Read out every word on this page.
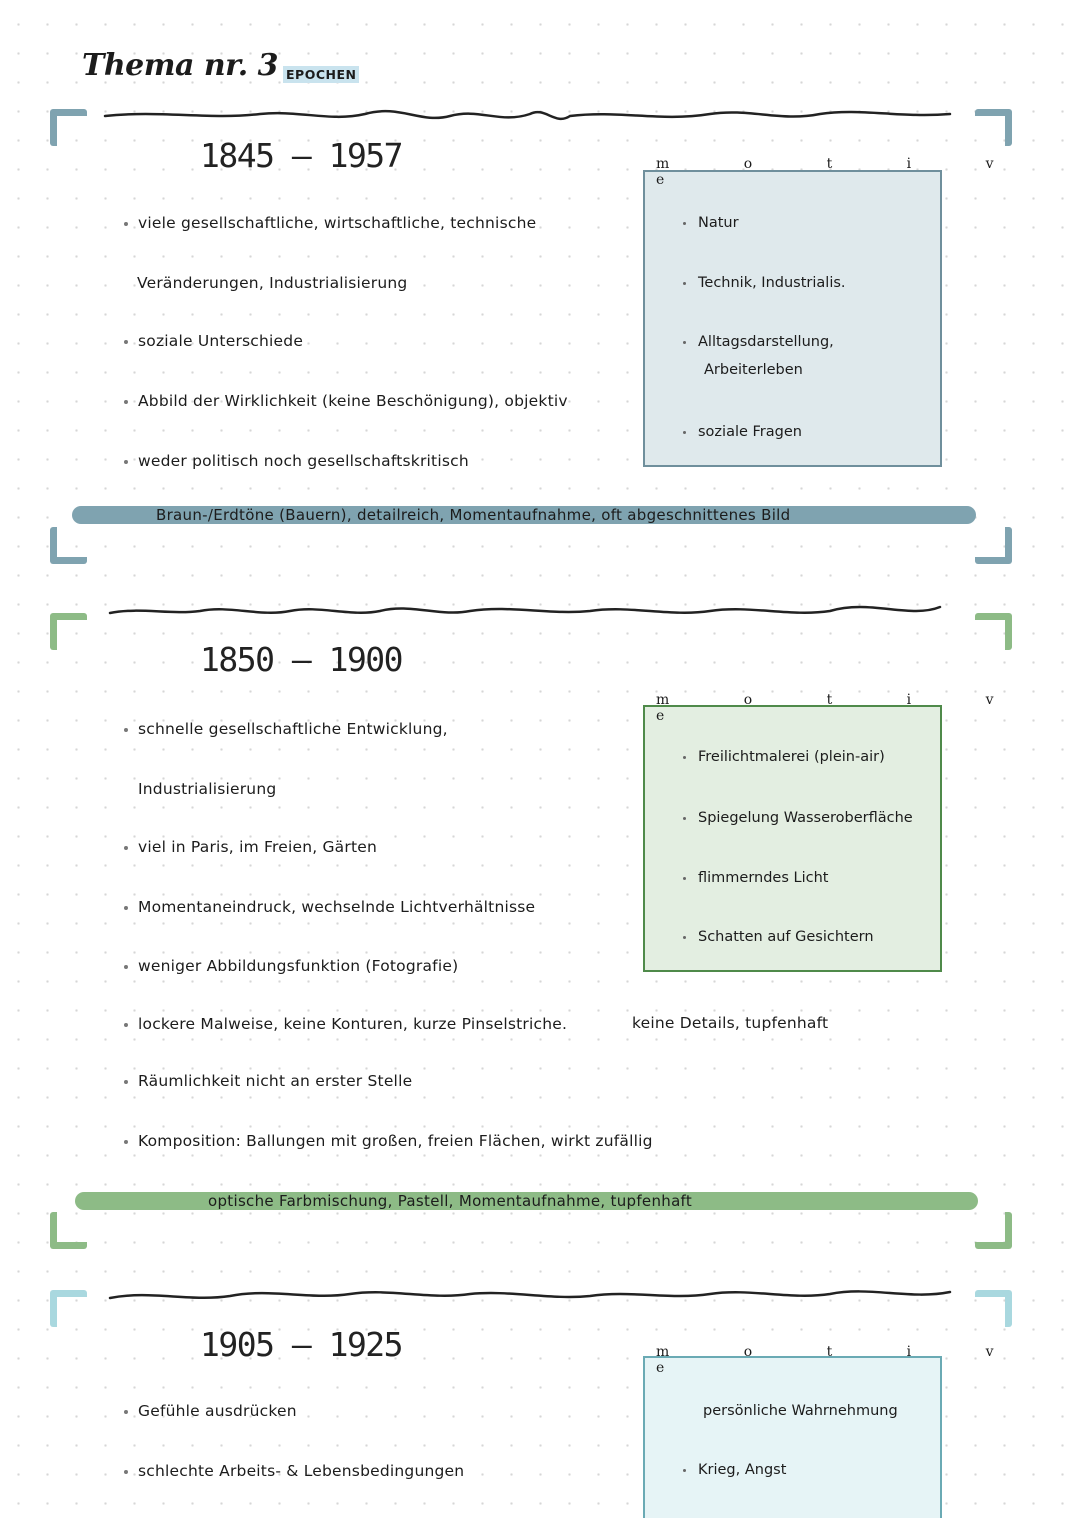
Thema nr. 3 EPOCHEN
realismus
1845 – 1957
viele gesellschaftliche, wirtschaftliche, technische
Veränderungen, Industrialisierung
soziale Unterschiede
Abbild der Wirklichkeit (keine Beschönigung), objektiv
weder politisch noch gesellschaftskritisch
Natur
Technik, Industrialis.
Alltagsdarstellung,
Arbeiterleben
soziale Fragen
m o t i v e
Braun-/Erdtöne (Bauern), detailreich, Momentaufnahme, oft abgeschnittenes Bild
impressionismus
1850 – 1900
schnelle gesellschaftliche Entwicklung,
Industrialisierung
viel in Paris, im Freien, Gärten
Momentaneindruck, wechselnde Lichtverhältnisse
weniger Abbildungsfunktion (Fotografie)
lockere Malweise, keine Konturen, kurze Pinselstriche.	keine Details, tupfenhaft
Räumlichkeit nicht an erster Stelle
Komposition: Ballungen mit großen, freien Flächen, wirkt zufällig
Freilichtmalerei (plein-air)
Spiegelung Wasseroberfläche
flimmerndes Licht
Schatten auf Gesichtern
m o t i v e
optische Farbmischung, Pastell, Momentaufnahme, tupfenhaft
expressionismus
1905 – 1925
Gefühle ausdrücken
schlechte Arbeits- & Lebensbedingungen
persönliche Wahrnehmung
Krieg, Angst
m o t i v e
